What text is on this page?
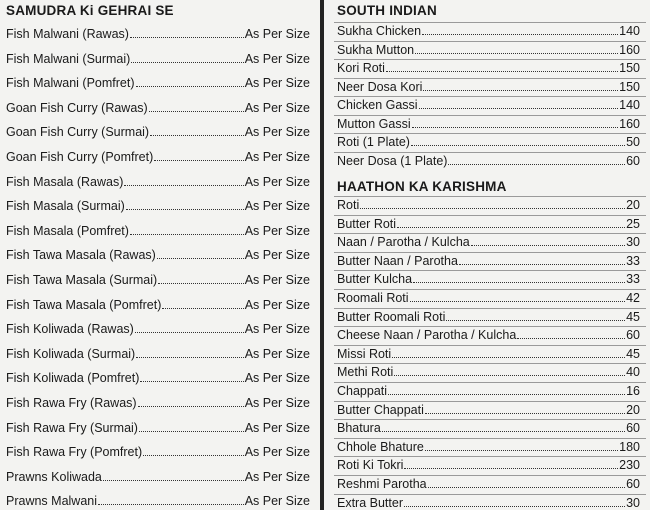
SAMUDRA Ki GEHRAI SE
Fish Malwani (Rawas)	As Per Size
Fish Malwani (Surmai)	As Per Size
Fish Malwani (Pomfret)	As Per Size
Goan Fish Curry (Rawas)	As Per Size
Goan Fish Curry (Surmai)	As Per Size
Goan Fish Curry (Pomfret)	As Per Size
Fish Masala (Rawas)	As Per Size
Fish Masala (Surmai)	As Per Size
Fish Masala (Pomfret)	As Per Size
Fish Tawa Masala (Rawas)	As Per Size
Fish Tawa Masala (Surmai)	As Per Size
Fish Tawa Masala (Pomfret)	As Per Size
Fish Koliwada (Rawas)	As Per Size
Fish Koliwada (Surmai)	As Per Size
Fish Koliwada (Pomfret)	As Per Size
Fish Rawa Fry (Rawas)	As Per Size
Fish Rawa Fry (Surmai)	As Per Size
Fish Rawa Fry (Pomfret)	As Per Size
Prawns Koliwada	As Per Size
Prawns Malwani	As Per Size
SOUTH INDIAN
Sukha Chicken	140
Sukha Mutton	160
Kori Roti	150
Neer Dosa Kori	150
Chicken Gassi	140
Mutton Gassi	160
Roti (1 Plate)	50
Neer Dosa (1 Plate)	60
HAATHON KA KARISHMA
Roti	20
Butter Roti	25
Naan / Parotha / Kulcha	30
Butter Naan / Parotha	33
Butter Kulcha	33
Roomali Roti	42
Butter Roomali Roti	45
Cheese Naan / Parotha / Kulcha	60
Missi Roti	45
Methi Roti	40
Chappati	16
Butter Chappati	20
Bhatura	60
Chhole Bhature	180
Roti Ki Tokri	230
Reshmi Parotha	60
Extra Butter	30
